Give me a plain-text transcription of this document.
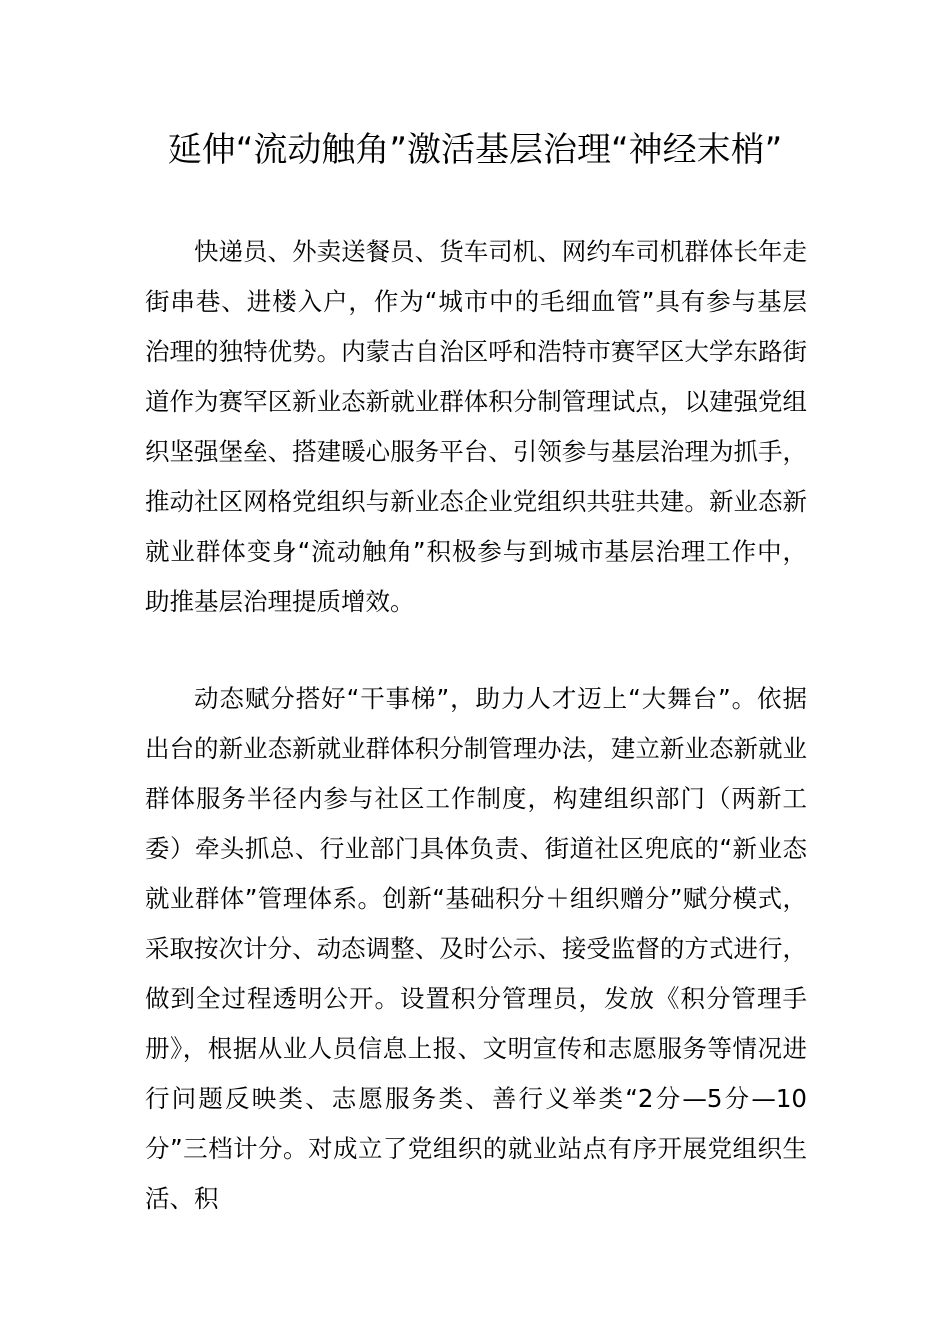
延伸“流动触角”激活基层治理“神经末梢”

快递员、外卖送餐员、货车司机、网约车司机群体长年走街串巷、进楼入户，作为“城市中的毛细血管”具有参与基层治理的独特优势。内蒙古自治区呼和浩特市赛罕区大学东路街道作为赛罕区新业态新就业群体积分制管理试点，以建强党组织坚强堡垒、搭建暖心服务平台、引领参与基层治理为抓手，推动社区网格党组织与新业态企业党组织共驻共建。新业态新就业群体变身“流动触角”积极参与到城市基层治理工作中，助推基层治理提质增效。

动态赋分搭好“干事梯”，助力人才迈上“大舞台”。依据出台的新业态新就业群体积分制管理办法，建立新业态新就业群体服务半径内参与社区工作制度，构建组织部门（两新工委）牵头抓总、行业部门具体负责、街道社区兜底的“新业态就业群体”管理体系。创新“基础积分＋组织赠分”赋分模式，采取按次计分、动态调整、及时公示、接受监督的方式进行，做到全过程透明公开。设置积分管理员，发放《积分管理手册》，根据从业人员信息上报、文明宣传和志愿服务等情况进行问题反映类、志愿服务类、善行义举类“2分—5分—10分”三档计分。对成立了党组织的就业站点有序开展党组织生活、积
